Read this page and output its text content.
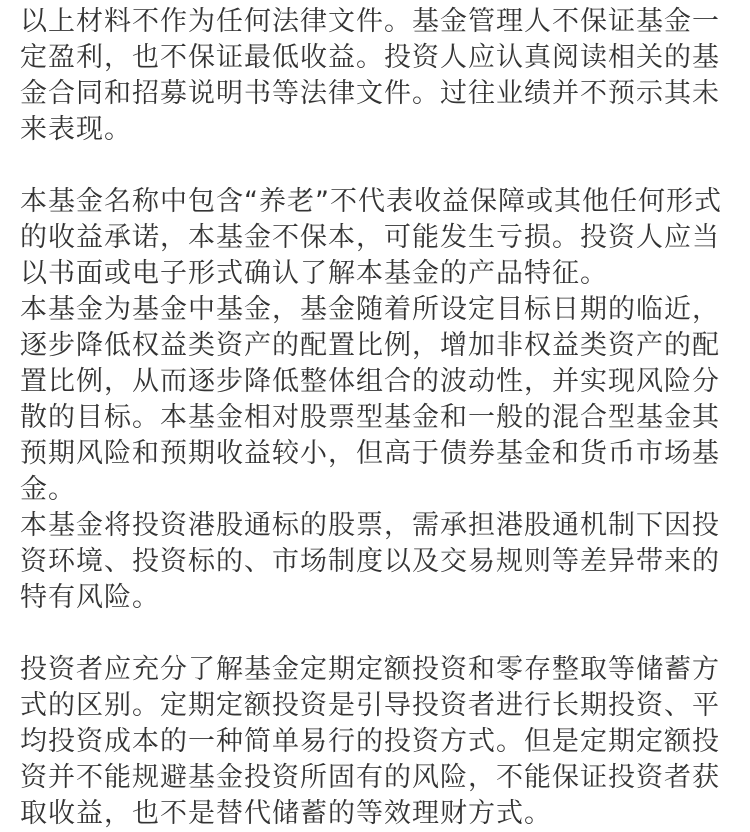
以上材料不作为任何法律文件。基金管理人不保证基金一定盈利，也不保证最低收益。投资人应认真阅读相关的基金合同和招募说明书等法律文件。过往业绩并不预示其未来表现。

本基金名称中包含“养老”不代表收益保障或其他任何形式的收益承诺，本基金不保本，可能发生亏损。投资人应当以书面或电子形式确认了解本基金的产品特征。

本基金为基金中基金，基金随着所设定目标日期的临近，逐步降低权益类资产的配置比例，增加非权益类资产的配置比例，从而逐步降低整体组合的波动性，并实现风险分散的目标。本基金相对股票型基金和一般的混合型基金其预期风险和预期收益较小，但高于债券基金和货币市场基金。

本基金将投资港股通标的股票，需承担港股通机制下因投资环境、投资标的、市场制度以及交易规则等差异带来的特有风险。

投资者应充分了解基金定期定额投资和零存整取等储蓄方式的区别。定期定额投资是引导投资者进行长期投资、平均投资成本的一种简单易行的投资方式。但是定期定额投资并不能规避基金投资所固有的风险，不能保证投资者获取收益，也不是替代储蓄的等效理财方式。
